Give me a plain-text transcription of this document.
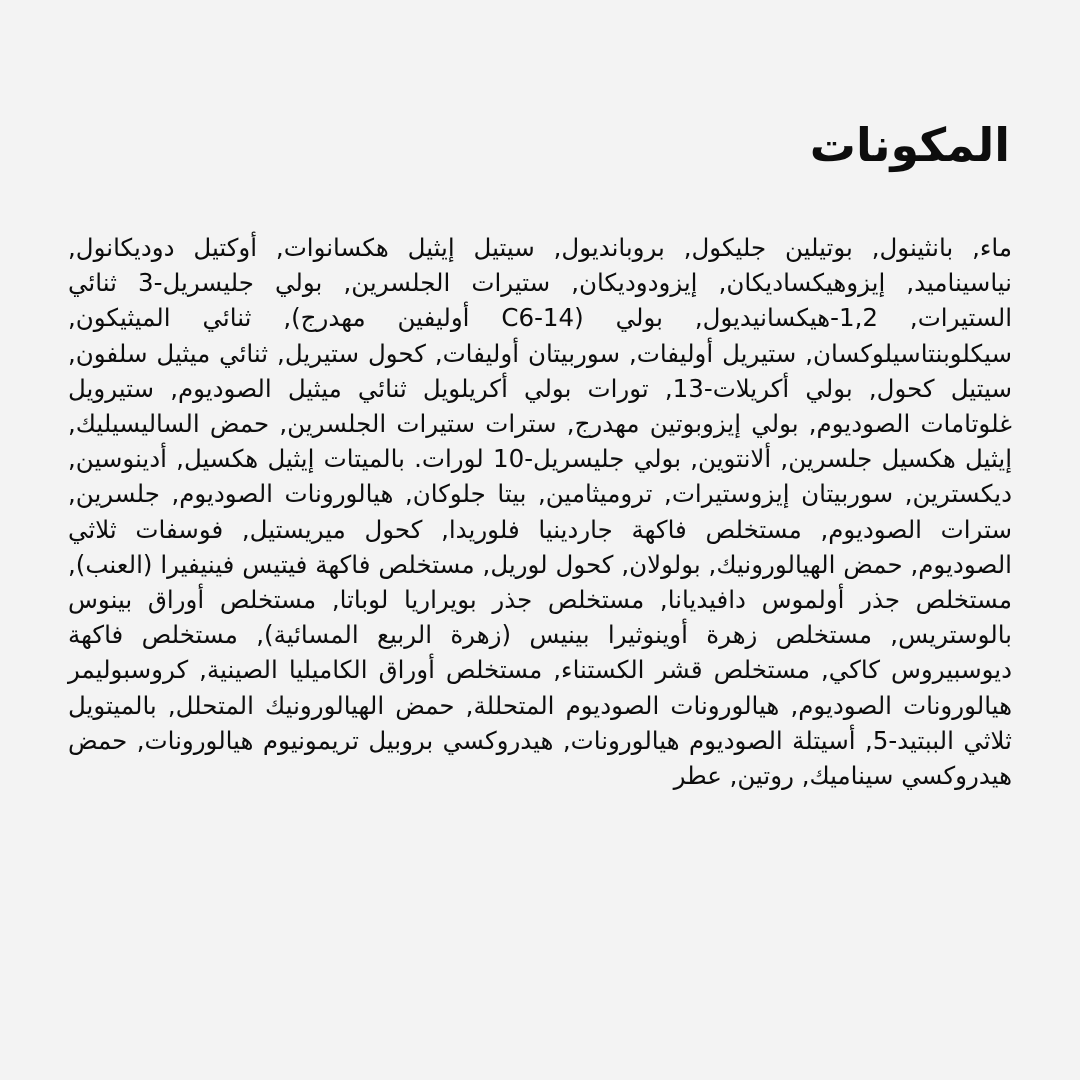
المكونات

ماء, بانثينول, بوتيلين جليكول, بروبانديول, سيتيل إيثيل هكسانوات, أوكتيل دوديكانول, نياسيناميد, إيزوهيكساديكان, إيزودوديكان, ستيرات الجلسرين, بولي جليسريل-3 ثنائي الستيرات, 1,2-هيكسانيديول, بولي (C6-14 أوليفين مهدرج), ثنائي الميثيكون, سيكلوبنتاسيلوكسان, ستيريل أوليفات, سوربيتان أوليفات, كحول ستيريل, ثنائي ميثيل سلفون, سيتيل كحول, بولي أكريلات-13, تورات بولي أكريلويل ثنائي ميثيل الصوديوم, ستيرويل غلوتامات الصوديوم, بولي إيزوبوتين مهدرج, سترات ستيرات الجلسرين, حمض الساليسيليك, إيثيل هكسيل جلسرين, ألانتوين, بولي جليسريل-10 لورات. بالميتات إيثيل هكسيل, أدينوسين, ديكسترين, سوربيتان إيزوستيرات, ترومیثامين, بيتا جلوكان, هيالورونات الصوديوم, جلسرين, سترات الصوديوم, مستخلص فاكهة جاردينيا فلوريدا, كحول ميريستيل, فوسفات ثلاثي الصوديوم, حمض الهيالورونيك, بولولان, كحول لوريل, مستخلص فاكهة فيتيس فينيفيرا (العنب), مستخلص جذر أولموس دافيديانا, مستخلص جذر بويراريا لوباتا, مستخلص أوراق بينوس بالوستريس, مستخلص زهرة أوينوثيرا بينيس (زهرة الربيع المسائية), مستخلص فاكهة ديوسبيروس كاكي, مستخلص قشر الكستناء, مستخلص أوراق الكاميليا الصينية, كروسبوليمر هيالورونات الصوديوم, هيالورونات الصوديوم المتحللة, حمض الهيالورونيك المتحلل, بالميتويل ثلاثي الببتيد-5, أسيتلة الصوديوم هيالورونات, هيدروكسي بروبيل تريمونيوم هيالورونات, حمض هيدروكسي سيناميك, روتين, عطر
